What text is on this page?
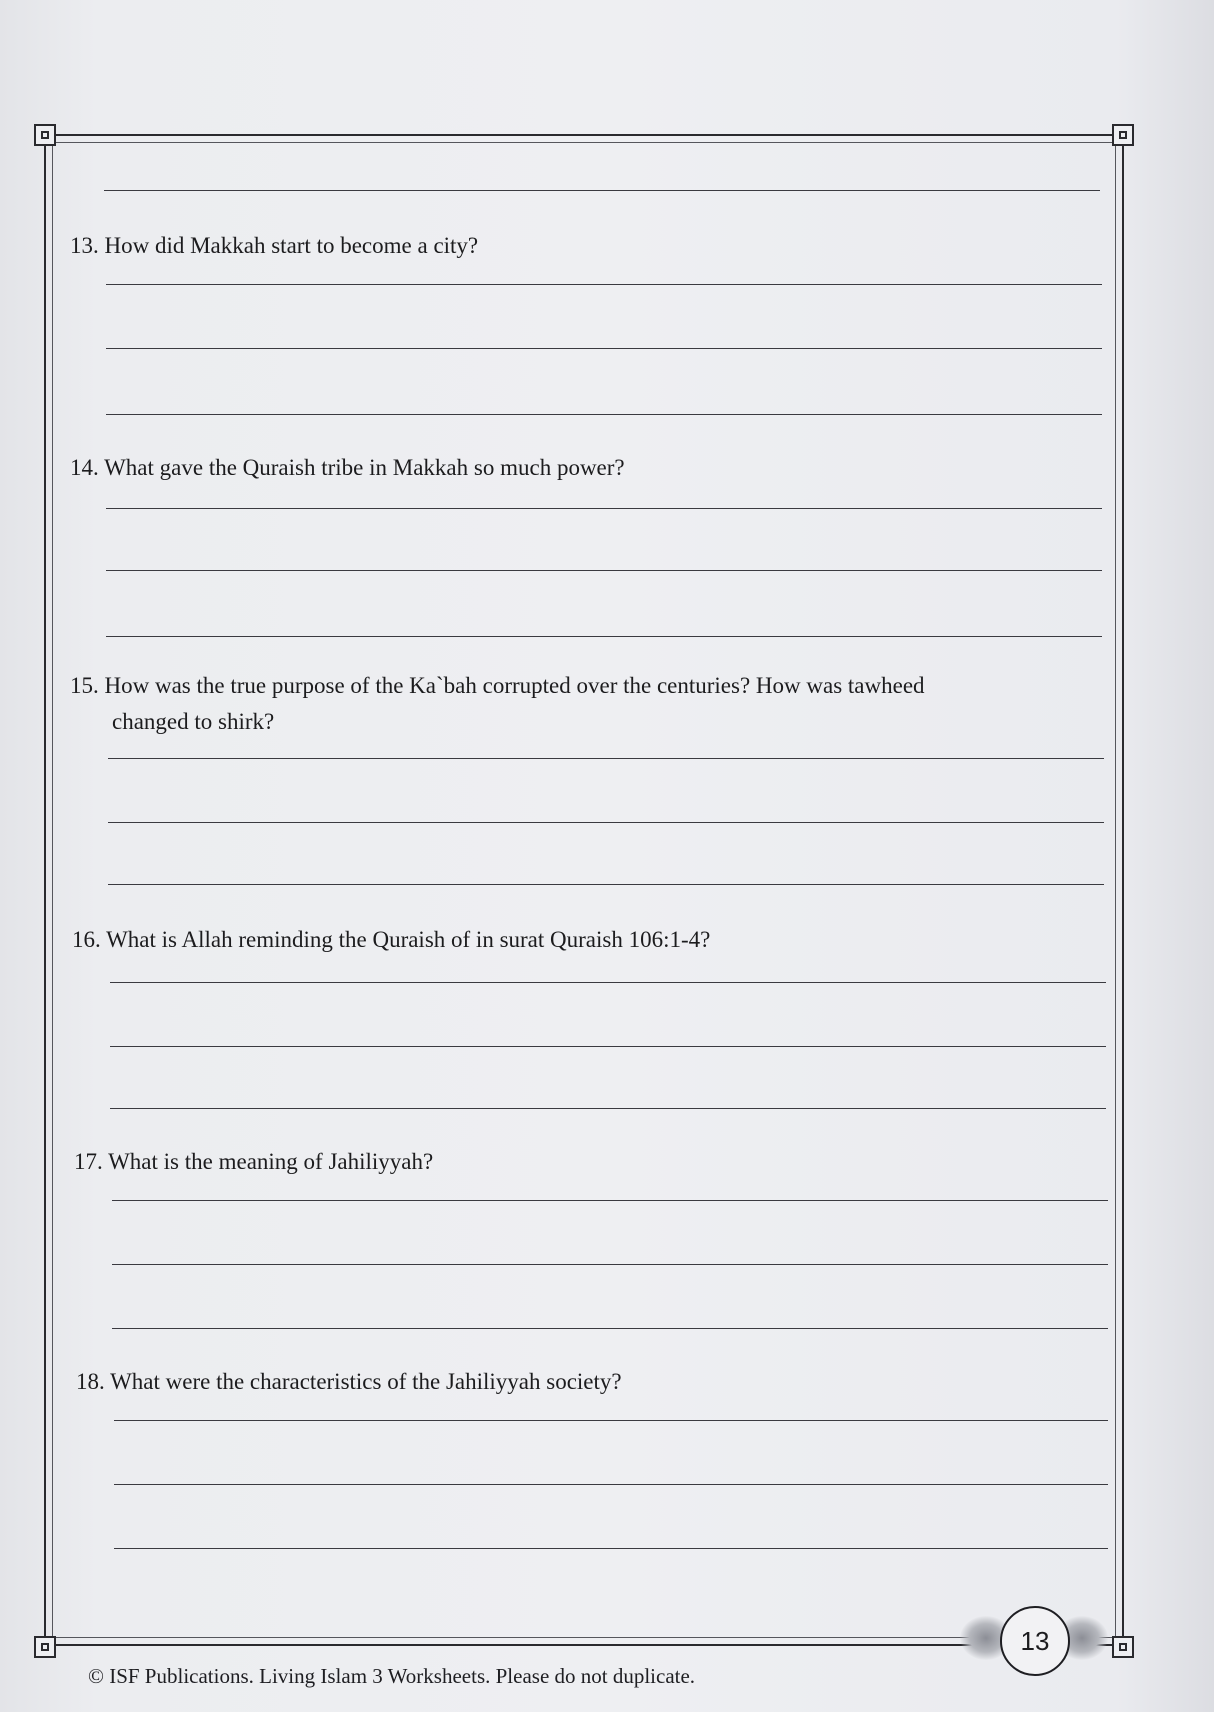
13. How did Makkah start to become a city?
14. What gave the Quraish tribe in Makkah so much power?
15. How was the true purpose of the Ka`bah corrupted over the centuries? How was tawheed
changed to shirk?
16. What is Allah reminding the Quraish of in surat Quraish 106:1-4?
17. What is the meaning of Jahiliyyah?
18. What were the characteristics of the Jahiliyyah society?
13
© ISF Publications. Living Islam 3 Worksheets. Please do not duplicate.
